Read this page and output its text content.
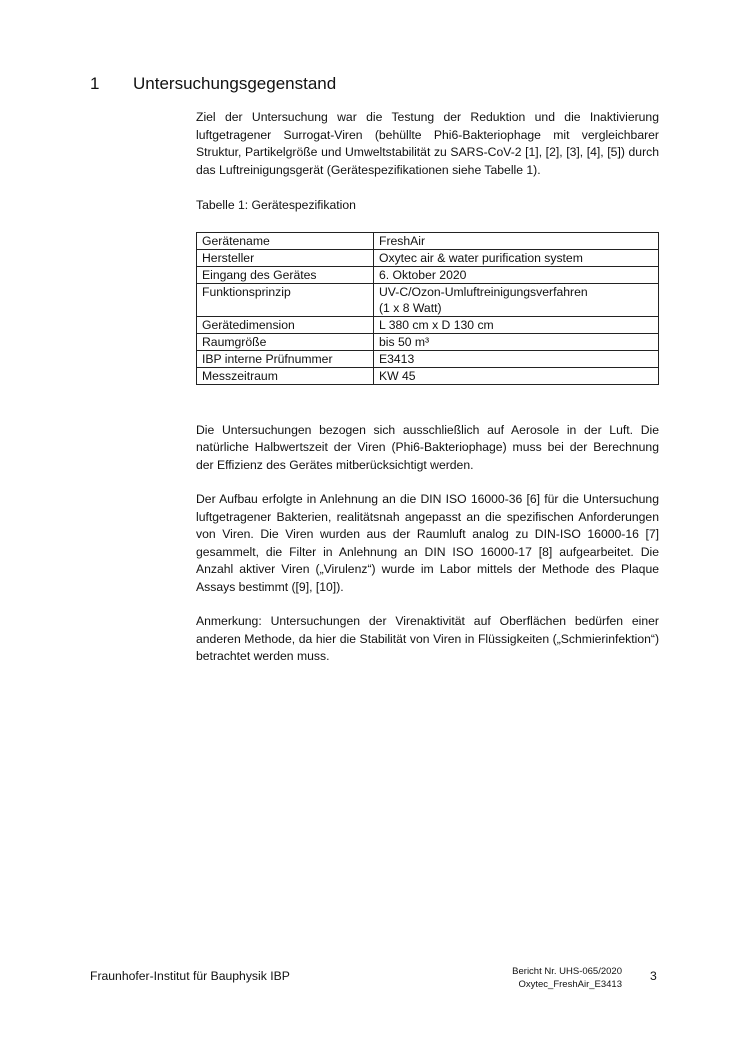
1 Untersuchungsgegenstand

Ziel der Untersuchung war die Testung der Reduktion und die Inaktivierung luftgetragener Surrogat-Viren (behüllte Phi6-Bakteriophage mit vergleichbarer Struktur, Partikelgröße und Umweltstabilität zu SARS-CoV-2 [1], [2], [3], [4], [5]) durch das Luftreinigungsgerät (Gerätespezifikationen siehe Tabelle 1).

Tabelle 1: Gerätespezifikation
Gerätename	FreshAir
Hersteller	Oxytec air & water purification system
Eingang des Gerätes	6. Oktober 2020
Funktionsprinzip	UV-C/Ozon-Umluftreinigungsverfahren
(1 x 8 Watt)

Gerätedimension	L 380 cm x D 130 cm
Raumgröße	bis 50 m³
IBP interne Prüfnummer	E3413
Messzeitraum	KW 45

Die Untersuchungen bezogen sich ausschließlich auf Aerosole in der Luft. Die natürliche Halbwertszeit der Viren (Phi6-Bakteriophage) muss bei der Berechnung der Effizienz des Gerätes mitberücksichtigt werden.

Der Aufbau erfolgte in Anlehnung an die DIN ISO 16000-36 [6] für die Untersuchung luftgetragener Bakterien, realitätsnah angepasst an die spezifischen Anforderungen von Viren. Die Viren wurden aus der Raumluft analog zu DIN-ISO 16000-16 [7] gesammelt, die Filter in Anlehnung an DIN ISO 16000-17 [8] aufgearbeitet. Die Anzahl aktiver Viren („Virulenz“) wurde im Labor mittels der Methode des Plaque Assays bestimmt ([9], [10]).

Anmerkung: Untersuchungen der Virenaktivität auf Oberflächen bedürfen einer anderen Methode, da hier die Stabilität von Viren in Flüssigkeiten („Schmierinfektion“) betrachtet werden muss.

Fraunhofer-Institut für Bauphysik IBP	Bericht Nr. UHS-065/2020
Oxytec_FreshAir_E3413
3
